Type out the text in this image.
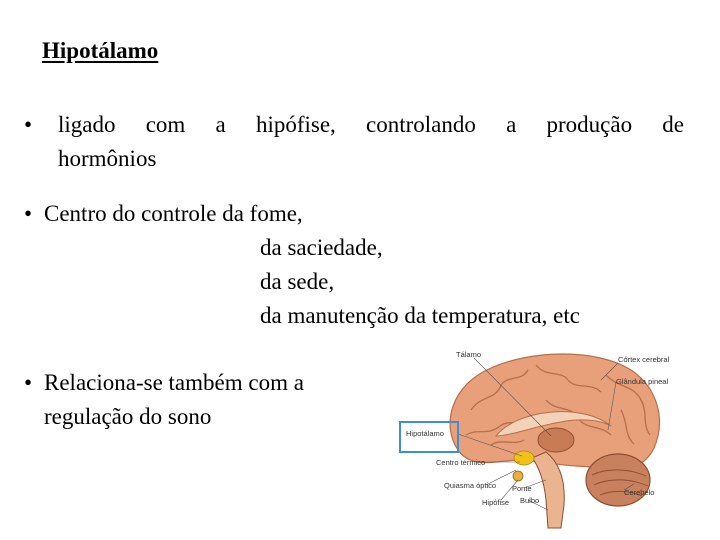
Hipotálamo
• ligado com a hipófise, controlando a produção de
hormônios
• Centro do controle da fome,
da saciedade,
da sede,
da manutenção da temperatura, etc
• Relaciona-se também com a
regulação do sono
Tálamo
Córtex cerebral
Glândula pineal
Hipotálamo
Centro térmico
Quiasma óptico Ponte
Hipófise Bulbo
Cerebelo
